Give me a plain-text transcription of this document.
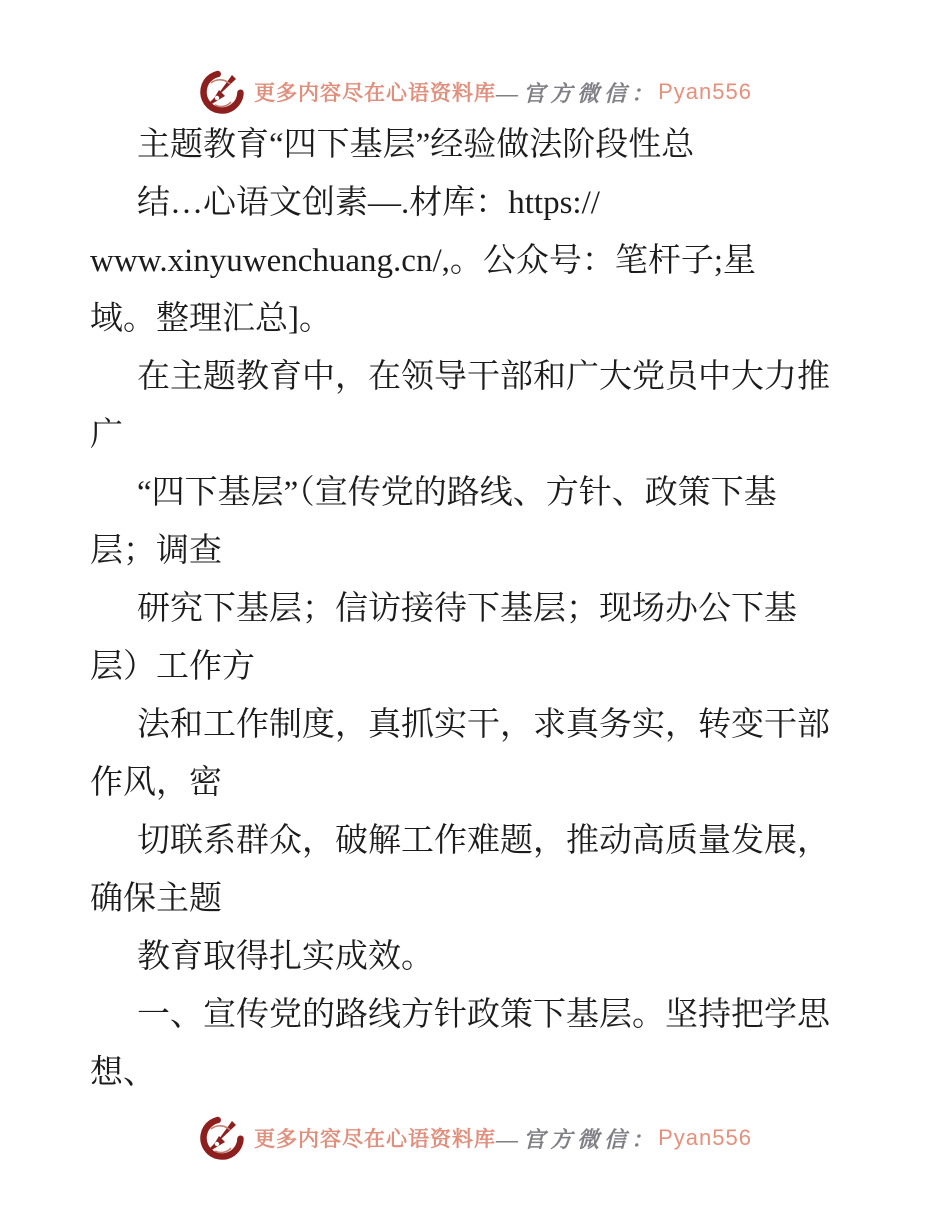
更多内容尽在心语资料库 —官方微信： Pyan556
主题教育“四下基层”经验做法阶段性总
结…心语文创素—.材库：https://
www.xinyuwenchuang.cn/,。公众号：笔杆子;星
域。整理汇总]。
在主题教育中，在领导干部和广大党员中大力推
广
“四下基层”（宣传党的路线、方针、政策下基
层；调查
研究下基层；信访接待下基层；现场办公下基
层）工作方
法和工作制度，真抓实干，求真务实，转变干部
作风，密
切联系群众，破解工作难题，推动高质量发展，
确保主题
教育取得扎实成效。
一、宣传党的路线方针政策下基层。坚持把学思
想、
更多内容尽在心语资料库 —官方微信： Pyan556
